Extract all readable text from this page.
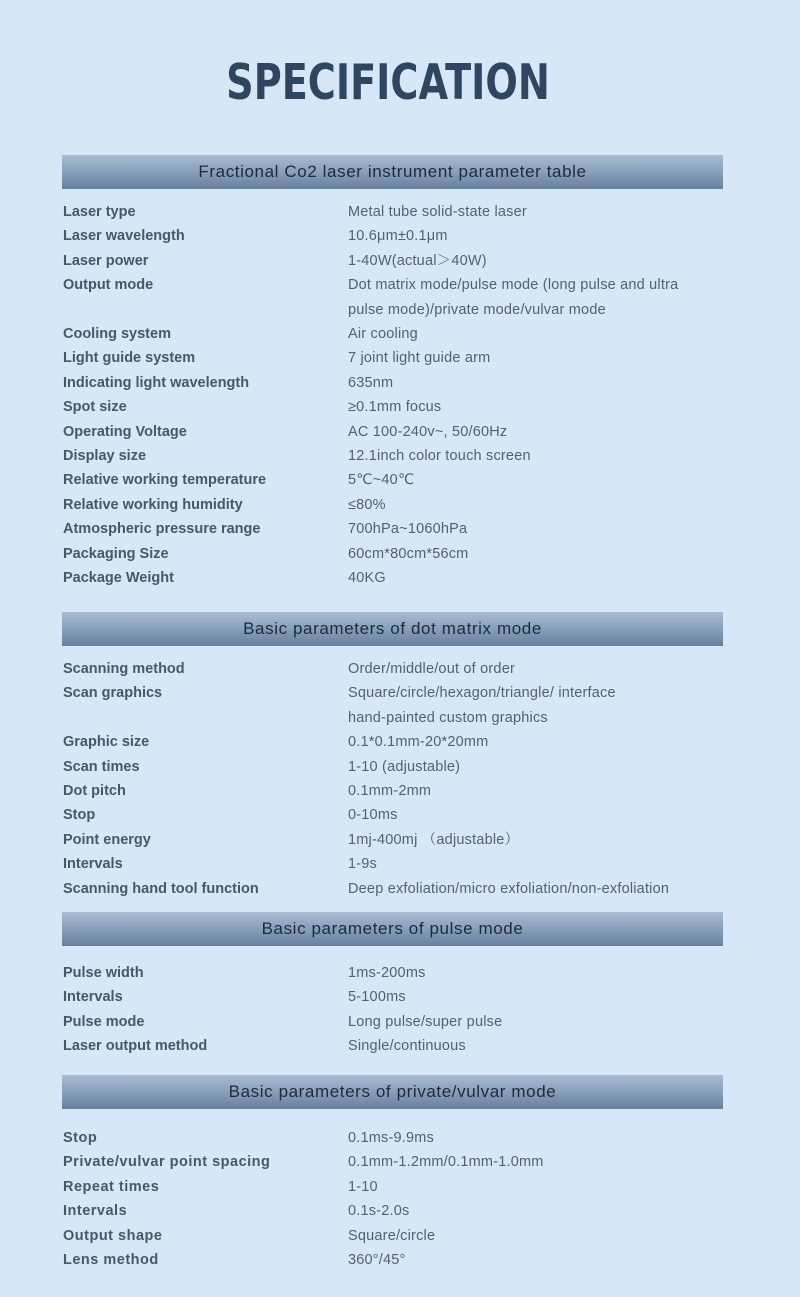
SPECIFICATION
Fractional Co2 laser instrument parameter table
Laser type	Metal tube solid-state laser
Laser wavelength	10.6μm±0.1μm
Laser power	1-40W(actual＞40W)
Output mode	Dot matrix mode/pulse mode (long pulse and ultra
pulse mode)/private mode/vulvar mode
Cooling system	Air cooling
Light guide system	7 joint light guide arm
Indicating light wavelength	635nm
Spot size	≥0.1mm focus
Operating Voltage	AC 100-240v~, 50/60Hz
Display size	12.1inch color touch screen
Relative working temperature	5℃~40℃
Relative working humidity	≤80%
Atmospheric pressure range	700hPa~1060hPa
Packaging Size	60cm*80cm*56cm
Package Weight	40KG
Basic parameters of dot matrix mode
Scanning method	Order/middle/out of order
Scan graphics	Square/circle/hexagon/triangle/ interface
hand-painted custom graphics
Graphic size	0.1*0.1mm-20*20mm
Scan times	1-10 (adjustable)
Dot pitch	0.1mm-2mm
Stop	0-10ms
Point energy	1mj-400mj （adjustable）
Intervals	1-9s
Scanning hand tool function	Deep exfoliation/micro exfoliation/non-exfoliation
Basic parameters of pulse mode
Pulse width	1ms-200ms
Intervals	5-100ms
Pulse mode	Long pulse/super pulse
Laser output method	Single/continuous
Basic parameters of private/vulvar mode
Stop	0.1ms-9.9ms
Private/vulvar point spacing	0.1mm-1.2mm/0.1mm-1.0mm
Repeat times	1-10
Intervals	0.1s-2.0s
Output shape	Square/circle
Lens method	360°/45°
